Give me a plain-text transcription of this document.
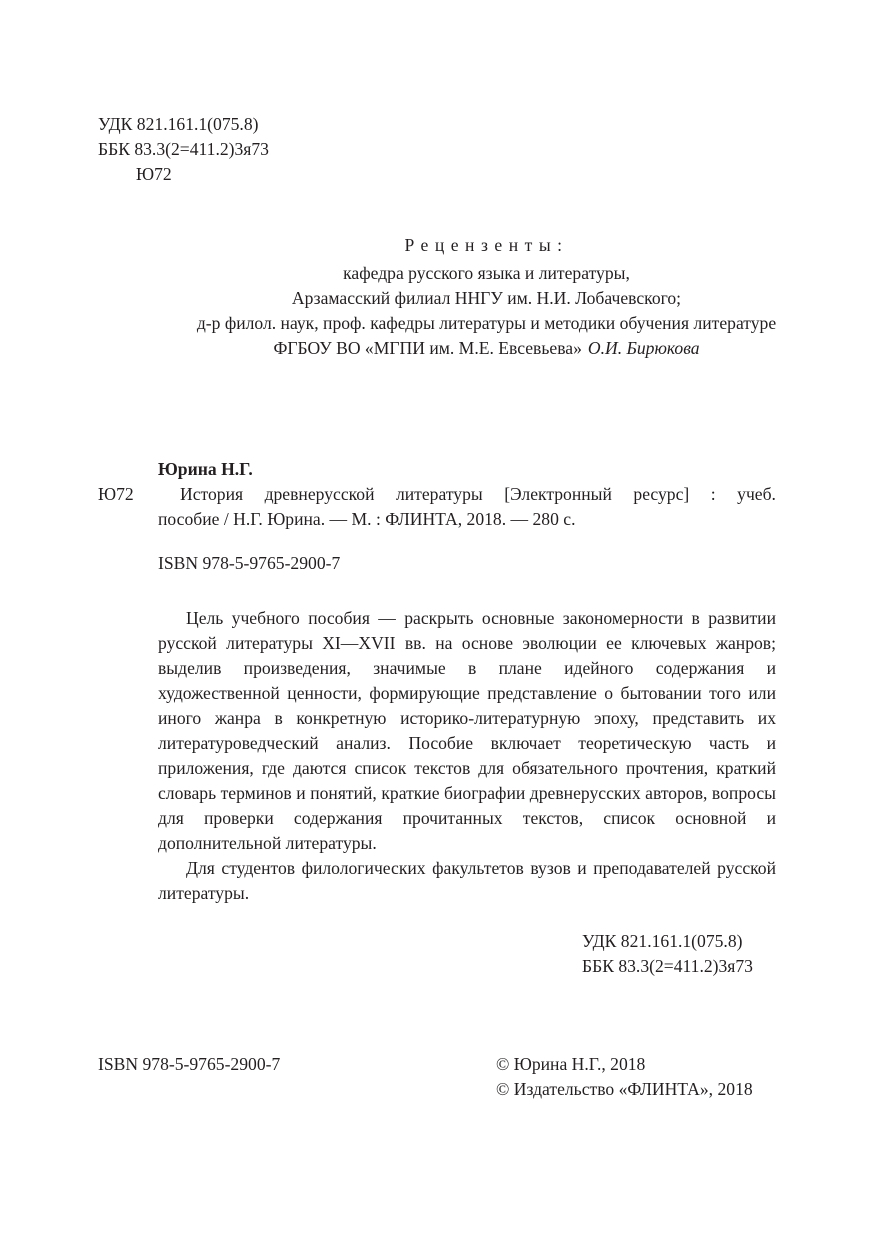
УДК 821.161.1(075.8)
ББК 83.3(2=411.2)3я73
Ю72
Рецензенты:
кафедра русского языка и литературы,
Арзамасский филиал ННГУ им. Н.И. Лобачевского;
д-р филол. наук, проф. кафедры литературы и методики обучения литературе
ФГБОУ ВО «МГПИ им. М.Е. Евсевьева» О.И. Бирюкова
Юрина Н.Г.
Ю72	История древнерусской литературы [Электронный ресурс] : учеб.
пособие / Н.Г. Юрина. — М. : ФЛИНТА, 2018. — 280 с.
ISBN 978-5-9765-2900-7

Цель учебного пособия — раскрыть основные закономерности в развитии русской литературы XI—XVII вв. на основе эволюции ее ключевых жанров; выделив произведения, значимые в плане идейного содержания и художественной ценности, формирующие представление о бытовании того или иного жанра в конкретную историко-литературную эпоху, представить их литературоведческий анализ. Пособие включает теоретическую часть и приложения, где даются список текстов для обязательного прочтения, краткий словарь терминов и понятий, краткие биографии древнерусских авторов, вопросы для проверки содержания прочитанных текстов, список основной и дополнительной литературы.

Для студентов филологических факультетов вузов и преподавателей русской литературы.

УДК 821.161.1(075.8)
ББК 83.3(2=411.2)3я73
ISBN 978-5-9765-2900-7	© Юрина Н.Г., 2018
© Издательство «ФЛИНТА», 2018
